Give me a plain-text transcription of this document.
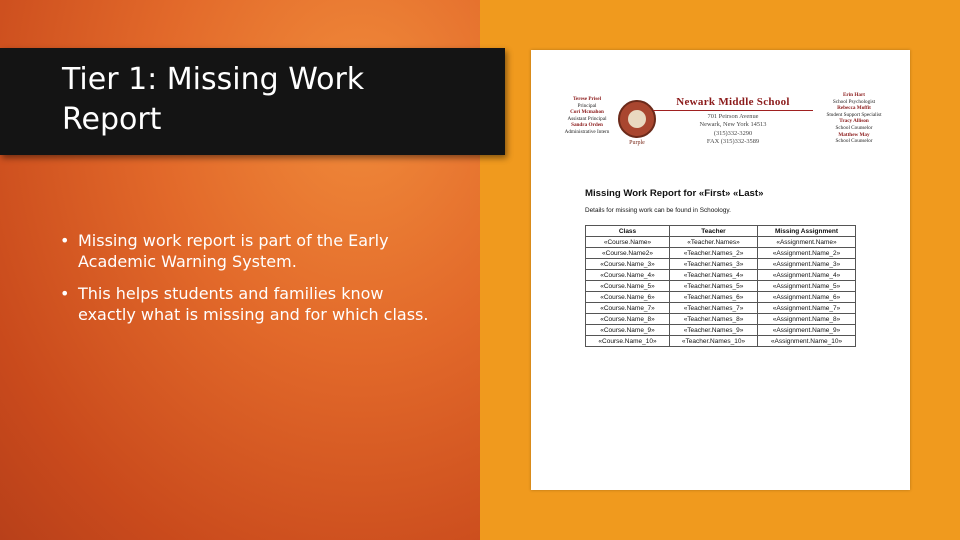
Tier 1: Missing Work Report
• Missing work report is part of the Early Academic Warning System.
• This helps students and families know exactly what is missing and for which class.
Terese Prisel
Principal
Cori Mcmahon
Assistant Principal
Sandra Orden
Administrative Intern
Purple
Newark Middle School
701 Peirson Avenue
Newark, New York 14513
(315)332-3290
FAX (315)332-3589
Erin Hart
School Psychologist
Rebecca Moffit
Student Support Specialist
Tracy Allison
School Counselor
Matthew May
School Counselor
Missing Work Report for «First» «Last»
Details for missing work can be found in Schoology.
Class	Teacher	Missing Assignment
«Course.Name»	«Teacher.Names»	«Assignment.Name»
«Course.Name2»	«Teacher.Names_2»	«Assignment.Name_2»
«Course.Name_3»	«Teacher.Names_3»	«Assignment.Name_3»
«Course.Name_4»	«Teacher.Names_4»	«Assignment.Name_4»
«Course.Name_5»	«Teacher.Names_5»	«Assignment.Name_5»
«Course.Name_6»	«Teacher.Names_6»	«Assignment.Name_6»
«Course.Name_7»	«Teacher.Names_7»	«Assignment.Name_7»
«Course.Name_8»	«Teacher.Names_8»	«Assignment.Name_8»
«Course.Name_9»	«Teacher.Names_9»	«Assignment.Name_9»
«Course.Name_10»	«Teacher.Names_10»	«Assignment.Name_10»
